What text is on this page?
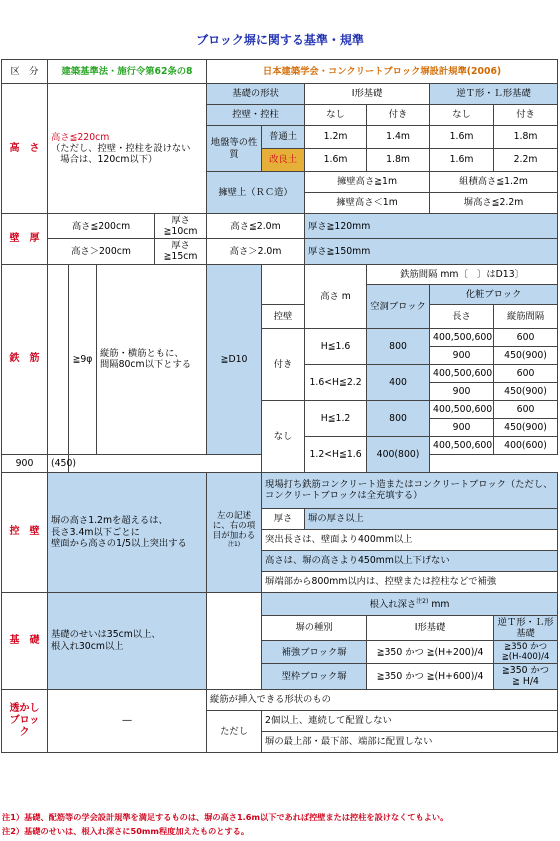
ブロック塀に関する基準・規準
区　分	建築基準法・施行令第62条の8				日本建築学会・コンクリートブロック塀設計規準(2006)					
高　さ	高さ≦220cm
（ただし、控壁・控柱を設けない
　場合は、120cm以下）				基礎の形状		Ⅰ形基礎		逆Ｔ形・Ｌ形基礎	
					控壁・控柱		なし	付き	なし	付き
					地盤等の性質	普通土	1.2m	1.4m	1.6m	1.8m
						改良土	1.6m	1.8m	1.6m	2.2m
					擁壁上（ＲＣ造）		擁壁高さ≧1m		組積高さ≦1.2m	
							擁壁高さ＜1m		塀高さ≦2.2m	
壁　厚	高さ≦200cm			厚さ≧10cm	高さ≦2.0m		厚さ≧120mm			
	高さ＞200cm			厚さ≧15cm	高さ＞2.0m		厚さ≧150mm			
鉄　筋		≧9φ	縦筋・横筋ともに、
間隔80cm以下とする		≧D10		高さ m	鉄筋間隔 mm〔　〕はD13〕		
								空洞ブロック	化粧ブロック	
						控壁			長さ	縦筋間隔
						付き	H≦1.6	800	400,500,600	600
									900	450(900)
							1.6<H≦2.2	400	400,500,600	600
									900	450(900)
						なし	H≦1.2	800	400,500,600	600
									900	450(900)
							1.2<H≦1.6	400(800)	400,500,600	400(600)
900	(450)									
控　壁	塀の高さ1.2mを超えるは、
長さ3.4m以下ごとに
壁面から高さの1/5以上突出する				左の記述に、右の項目が加わる$^{注1)}$	現場打ち鉄筋コンクリート造またはコンクリートブロック（ただし、コンクリートブロックは全充填する）				
						厚さ	塀の厚さ以上			
						突出長さは、壁面より400mm以上				
						高さは、塀の高さより450mm以上下げない				
						塀端部から800mm以内は、控壁または控柱などで補強				
基　礎	基礎のせいは35cm以上、
根入れ30cm以上					根入れ深さ$^{注2)}$ mm				
						塀の種別		Ⅰ形基礎		逆Ｔ形・Ｌ形基礎
						補強ブロック塀		≧350 かつ ≧(H+200)/4		≧350 かつ ≧(H-400)/4
						型枠ブロック塀		≧350 かつ ≧(H+600)/4		≧350 かつ ≧ H/4
透かしブロック	―				縦筋が挿入できる形状のもの					
					ただし	2個以上、連続して配置しない				
						塀の最上部・最下部、端部に配置しない				
注1）基礎、配筋等の学会設計規準を満足するものは、塀の高さ1.6m以下であれば控壁または控柱を設けなくてもよい。
注2）基礎のせいは、根入れ深さに50mm程度加えたものとする。
